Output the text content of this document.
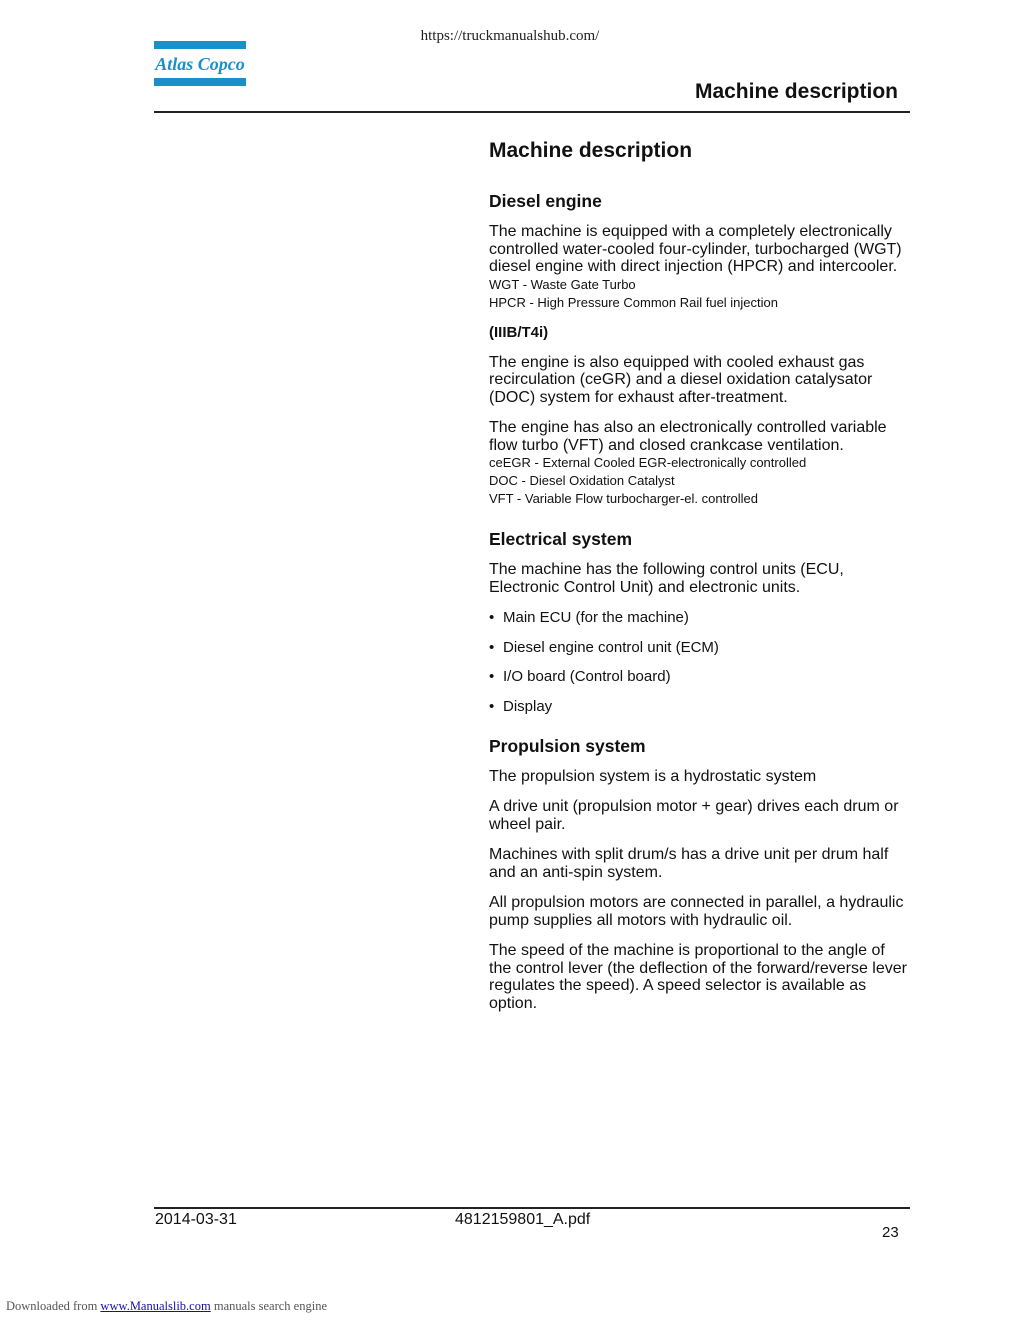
https://truckmanualshub.com/
Atlas Copco
Machine description
Machine description
Diesel engine

The machine is equipped with a completely electronically controlled water-cooled four-cylinder, turbocharged (WGT) diesel engine with direct injection (HPCR) and intercooler.

WGT - Waste Gate Turbo
HPCR - High Pressure Common Rail fuel injection
(IIIB/T4i)

The engine is also equipped with cooled exhaust gas recirculation (ceGR) and a diesel oxidation catalysator (DOC) system for exhaust after-treatment.

The engine has also an electronically controlled variable flow turbo (VFT) and closed crankcase ventilation.

ceEGR - External Cooled EGR-electronically controlled
DOC - Diesel Oxidation Catalyst
VFT - Variable Flow turbocharger-el. controlled
Electrical system

The machine has the following control units (ECU, Electronic Control Unit) and electronic units.

• Main ECU (for the machine)
• Diesel engine control unit (ECM)
• I/O board (Control board)
• Display
Propulsion system

The propulsion system is a hydrostatic system

A drive unit (propulsion motor + gear) drives each drum or wheel pair.

Machines with split drum/s has a drive unit per drum half and an anti-spin system.

All propulsion motors are connected in parallel, a hydraulic pump supplies all motors with hydraulic oil.

The speed of the machine is proportional to the angle of the control lever (the deflection of the forward/reverse lever regulates the speed). A speed selector is available as option.

2014-03-31	4812159801_A.pdf
23
Downloaded from www.Manualslib.com manuals search engine
